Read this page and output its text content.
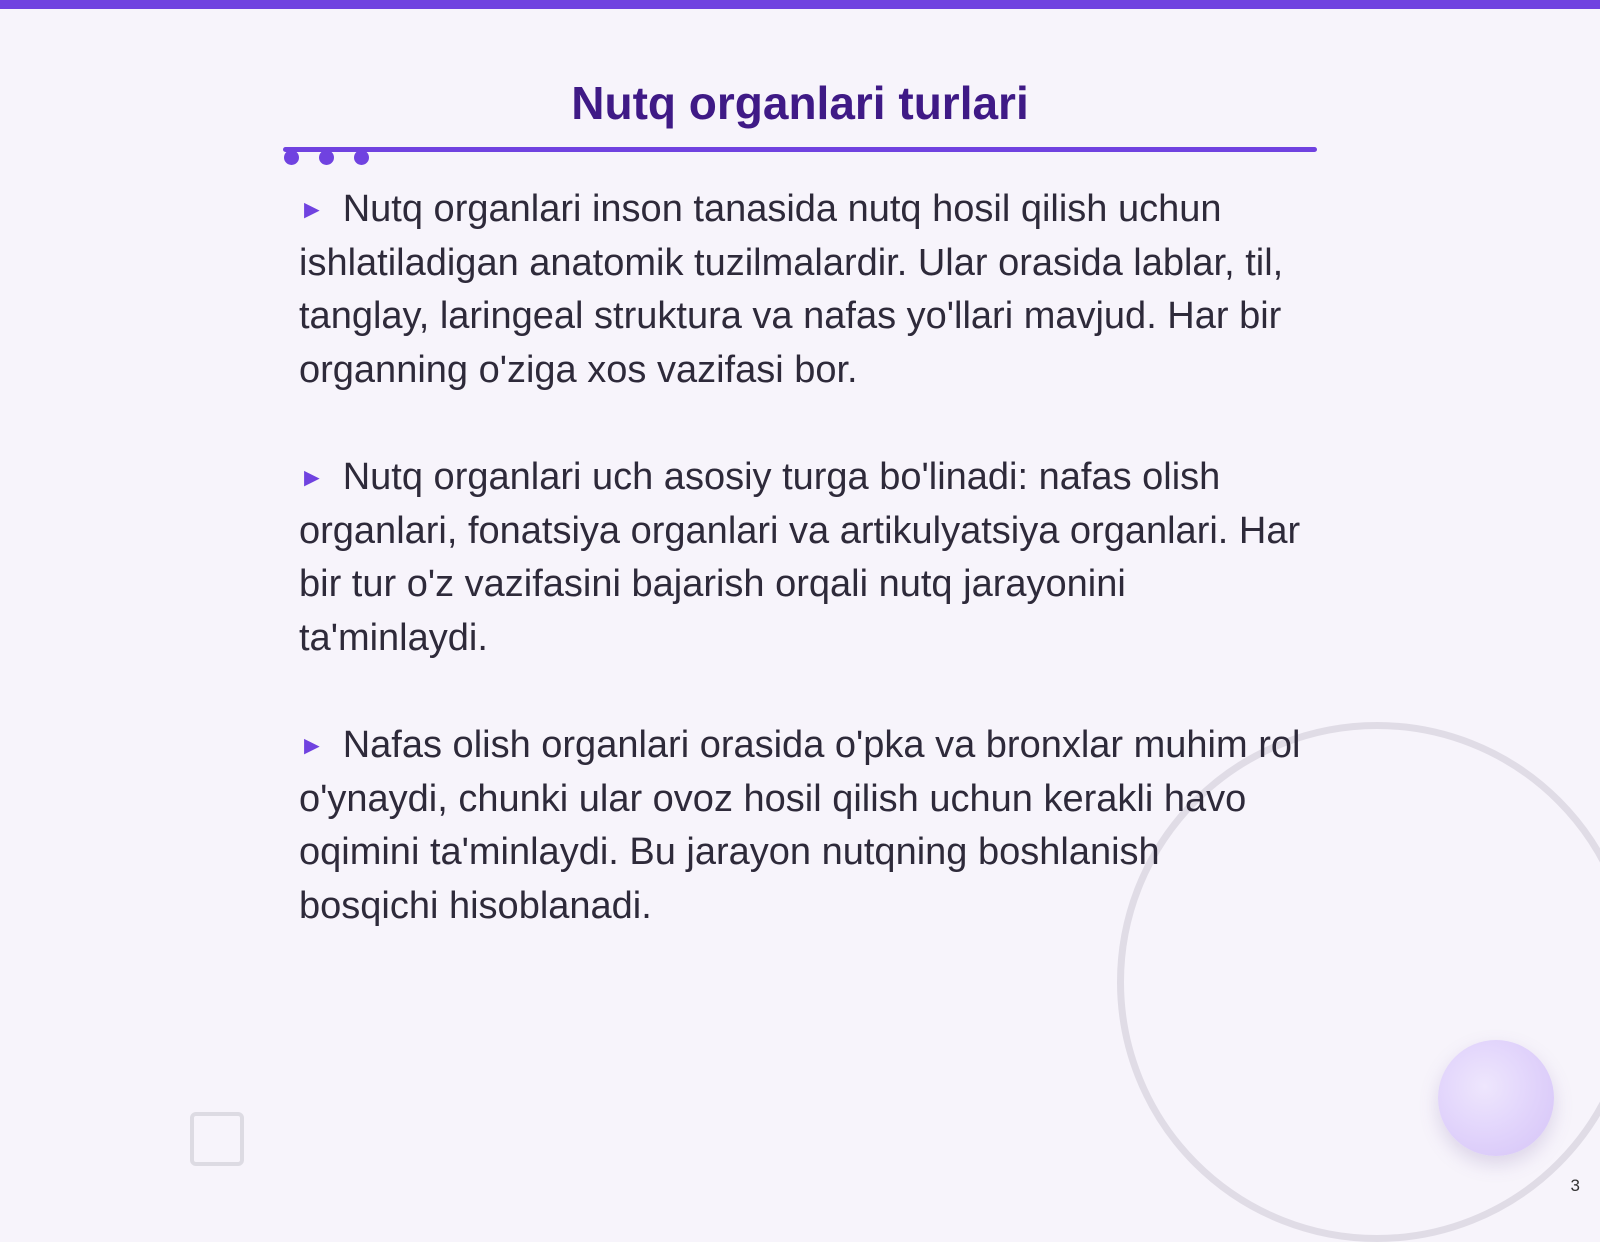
Nutq organlari turlari

► Nutq organlari inson tanasida nutq hosil qilish uchun ishlatiladigan anatomik tuzilmalardir. Ular orasida lablar, til, tanglay, laringeal struktura va nafas yo'llari mavjud. Har bir organning o'ziga xos vazifasi bor.

► Nutq organlari uch asosiy turga bo'linadi: nafas olish organlari, fonatsiya organlari va artikulyatsiya organlari. Har bir tur o'z vazifasini bajarish orqali nutq jarayonini ta'minlaydi.

► Nafas olish organlari orasida o'pka va bronxlar muhim rol o'ynaydi, chunki ular ovoz hosil qilish uchun kerakli havo oqimini ta'minlaydi. Bu jarayon nutqning boshlanish bosqichi hisoblanadi.

3
